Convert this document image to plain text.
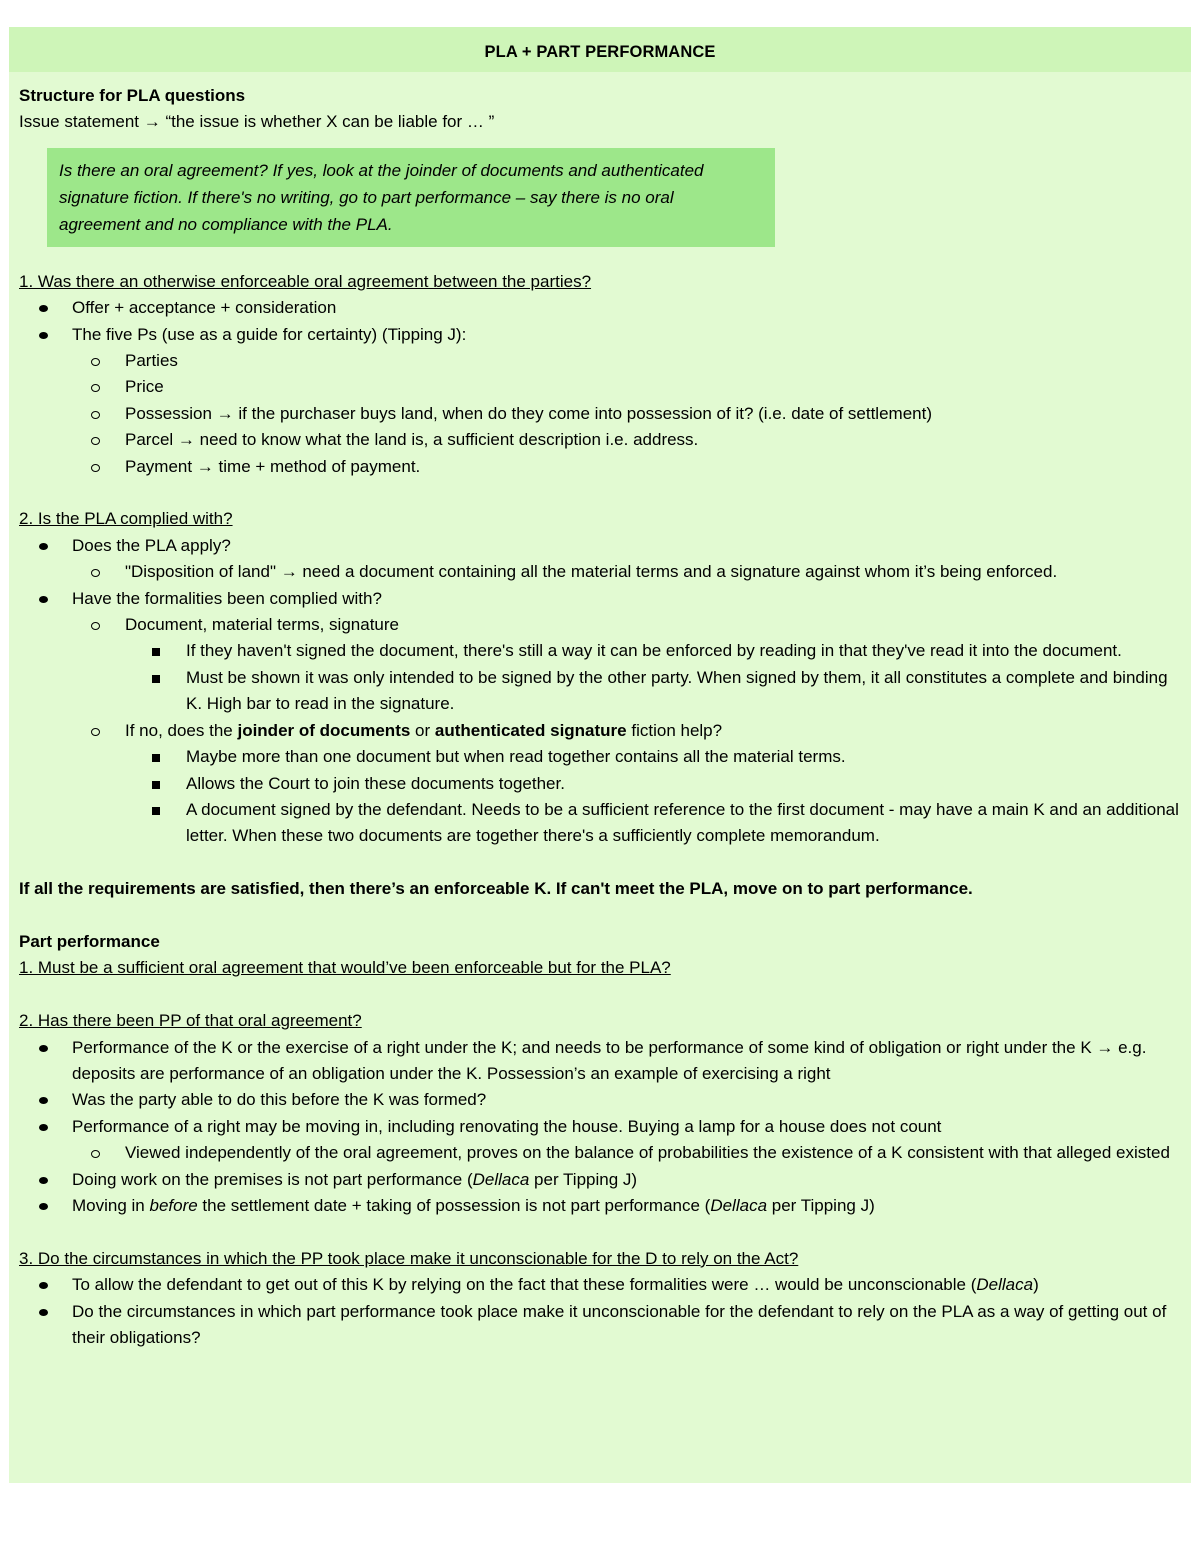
PLA + PART PERFORMANCE

Structure for PLA questions

Issue statement → “the issue is whether X can be liable for … ”

Is there an oral agreement? If yes, look at the joinder of documents and authenticated signature fiction. If there's no writing, go to part performance – say there is no oral agreement and no compliance with the PLA.

1. Was there an otherwise enforceable oral agreement between the parties?

Offer + acceptance + consideration
The five Ps (use as a guide for certainty) (Tipping J):
Parties
Price
Possession → if the purchaser buys land, when do they come into possession of it? (i.e. date of settlement)
Parcel → need to know what the land is, a sufficient description i.e. address.
Payment → time + method of payment.

2. Is the PLA complied with?

Does the PLA apply?
"Disposition of land" → need a document containing all the material terms and a signature against whom it’s being enforced.
Have the formalities been complied with?
Document, material terms, signature
If they haven't signed the document, there's still a way it can be enforced by reading in that they've read it into the document.
Must be shown it was only intended to be signed by the other party. When signed by them, it all constitutes a complete and binding K. High bar to read in the signature.
If no, does the joinder of documents or authenticated signature fiction help?
Maybe more than one document but when read together contains all the material terms.
Allows the Court to join these documents together.
A document signed by the defendant. Needs to be a sufficient reference to the first document - may have a main K and an additional letter. When these two documents are together there's a sufficiently complete memorandum.

If all the requirements are satisfied, then there’s an enforceable K. If can't meet the PLA, move on to part performance.

Part performance

1. Must be a sufficient oral agreement that would’ve been enforceable but for the PLA?

2. Has there been PP of that oral agreement?

Performance of the K or the exercise of a right under the K; and needs to be performance of some kind of obligation or right under the K → e.g. deposits are performance of an obligation under the K. Possession’s an example of exercising a right
Was the party able to do this before the K was formed?
Performance of a right may be moving in, including renovating the house. Buying a lamp for a house does not count
Viewed independently of the oral agreement, proves on the balance of probabilities the existence of a K consistent with that alleged existed
Doing work on the premises is not part performance (Dellaca per Tipping J)
Moving in before the settlement date + taking of possession is not part performance (Dellaca per Tipping J)

3. Do the circumstances in which the PP took place make it unconscionable for the D to rely on the Act?

To allow the defendant to get out of this K by relying on the fact that these formalities were … would be unconscionable (Dellaca)
Do the circumstances in which part performance took place make it unconscionable for the defendant to rely on the PLA as a way of getting out of their obligations?
